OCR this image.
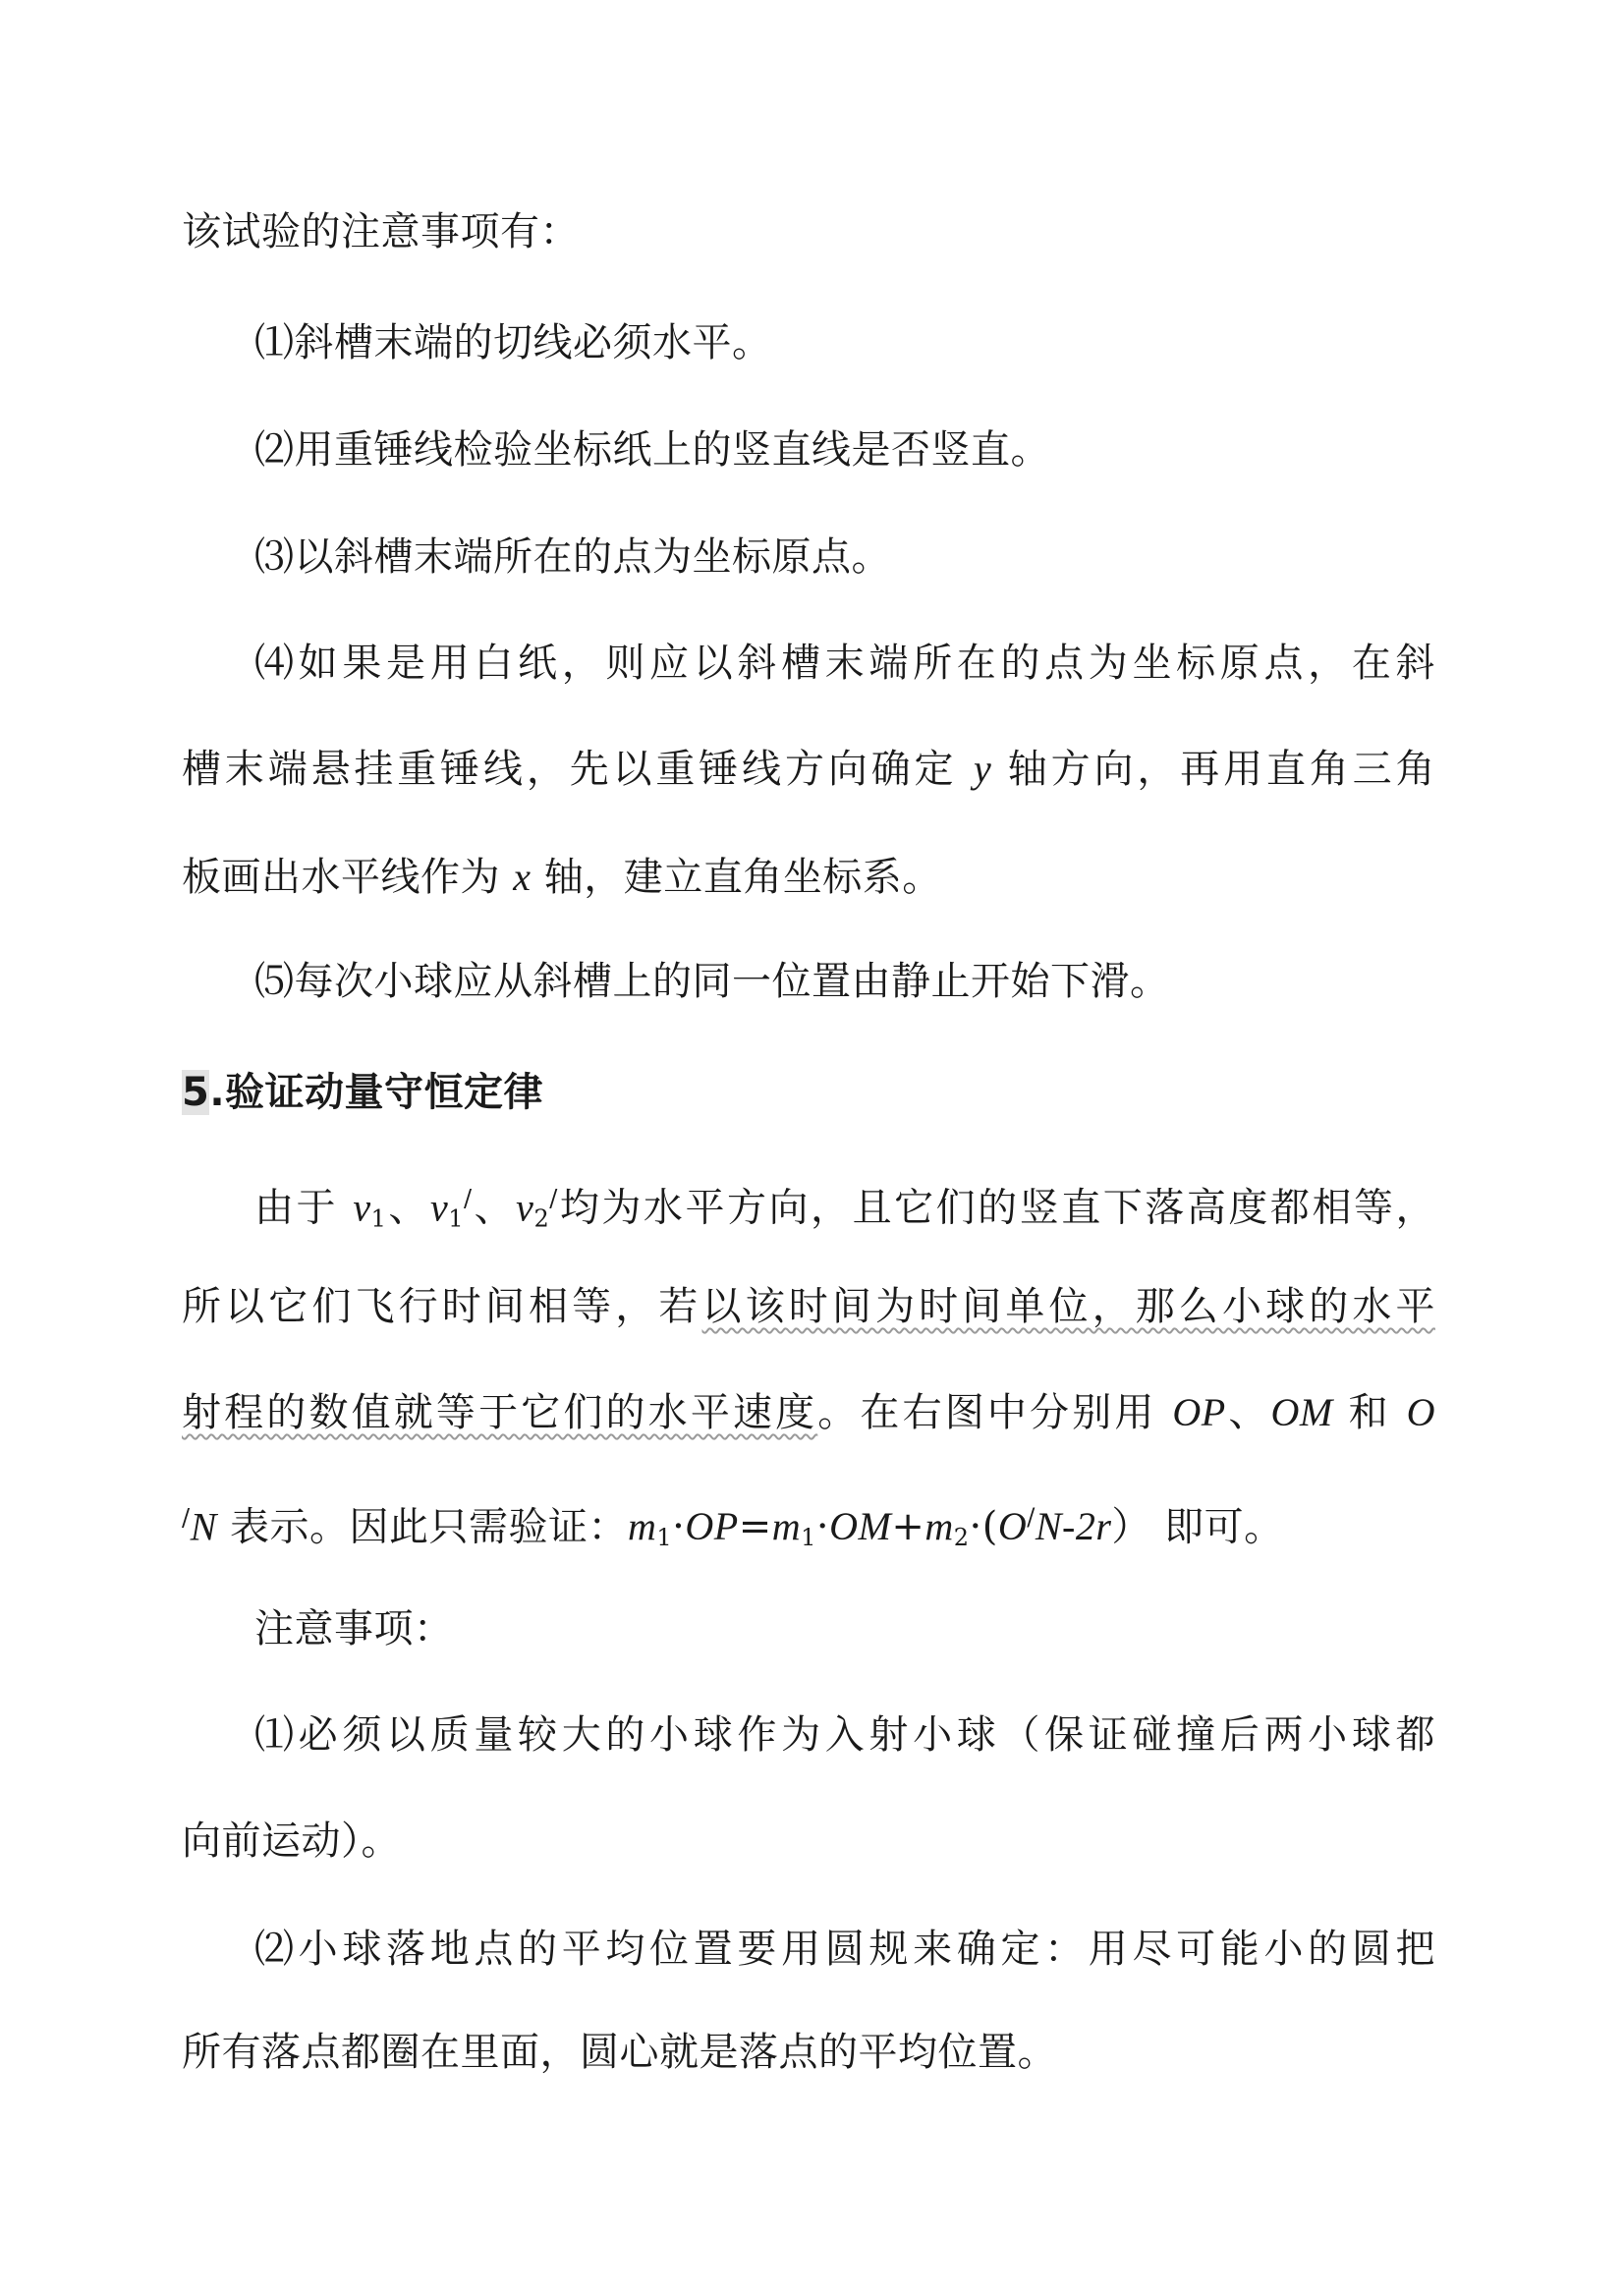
该试验的注意事项有：
⑴斜槽末端的切线必须水平。
⑵用重锤线检验坐标纸上的竖直线是否竖直。
⑶以斜槽末端所在的点为坐标原点。
⑷如果是用白纸，则应以斜槽末端所在的点为坐标原点，在斜
槽末端悬挂重锤线，先以重锤线方向确定 y 轴方向，再用直角三角
板画出水平线作为 x 轴，建立直角坐标系。
⑸每次小球应从斜槽上的同一位置由静止开始下滑。
5.验证动量守恒定律
由于 $v_1$、$v_1^/$、$v_2^/$均为水平方向，且它们的竖直下落高度都相等，
所以它们飞行时间相等，若以该时间为时间单位，那么小球的水平
射程的数值就等于它们的水平速度。在右图中分别用 OP、OM 和 O
/N 表示。因此只需验证：$m_1\cdot OP=m_1\cdot OM+m_2\cdot(O^/N-2r)$ 即可。
注意事项：
⑴必须以质量较大的小球作为入射小球（保证碰撞后两小球都
向前运动）。
⑵小球落地点的平均位置要用圆规来确定：用尽可能小的圆把
所有落点都圈在里面，圆心就是落点的平均位置。
